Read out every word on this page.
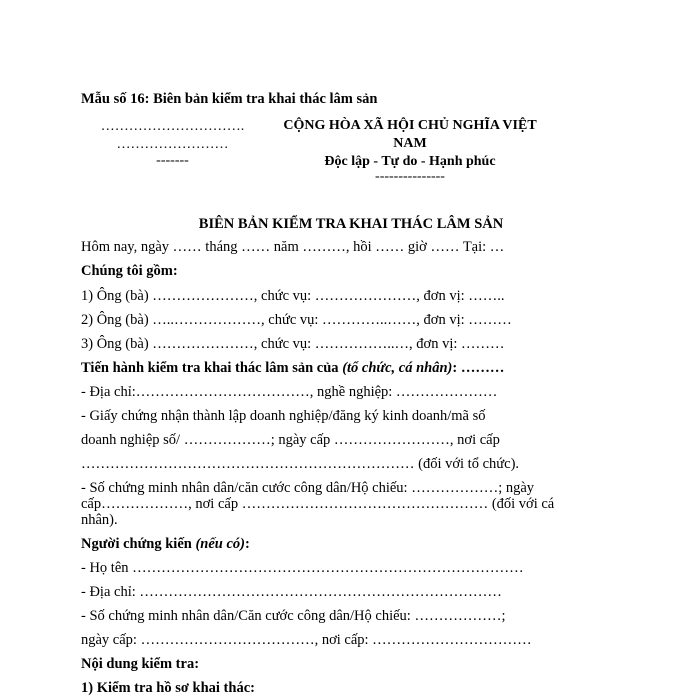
Mẫu số 16: Biên bản kiểm tra khai thác lâm sản
………………………….
……………………
-------
CỘNG HÒA XÃ HỘI CHỦ NGHĨA VIỆT
NAM
Độc lập - Tự do - Hạnh phúc
---------------
BIÊN BẢN KIỂM TRA KHAI THÁC LÂM SẢN
Hôm nay, ngày …… tháng …… năm ………, hồi …… giờ …… Tại: …
Chúng tôi gồm:
1) Ông (bà) …………………, chức vụ: …………………, đơn vị: ……..
2) Ông (bà) …..………………, chức vụ: …………..……, đơn vị: ………
3) Ông (bà) …………………, chức vụ: ……………..…, đơn vị: ………
Tiến hành kiểm tra khai thác lâm sản của (tổ chức, cá nhân): ………
- Địa chỉ:………………………………, nghề nghiệp: …………………
- Giấy chứng nhận thành lập doanh nghiệp/đăng ký kinh doanh/mã số
doanh nghiệp số/ ………………; ngày cấp ……………………, nơi cấp
…………………………………………………………… (đối với tổ chức).
- Số chứng minh nhân dân/căn cước công dân/Hộ chiếu: ………………; ngày
cấp………………, nơi cấp …………………………………………… (đối với cá
nhân).
Người chứng kiến (nếu có):
- Họ tên ………………………………………………………………………
- Địa chỉ: …………………………………………………………………
- Số chứng minh nhân dân/Căn cước công dân/Hộ chiếu: ………………;
ngày cấp: ………………………………, nơi cấp: ……………………………
Nội dung kiểm tra:
1) Kiểm tra hồ sơ khai thác:
